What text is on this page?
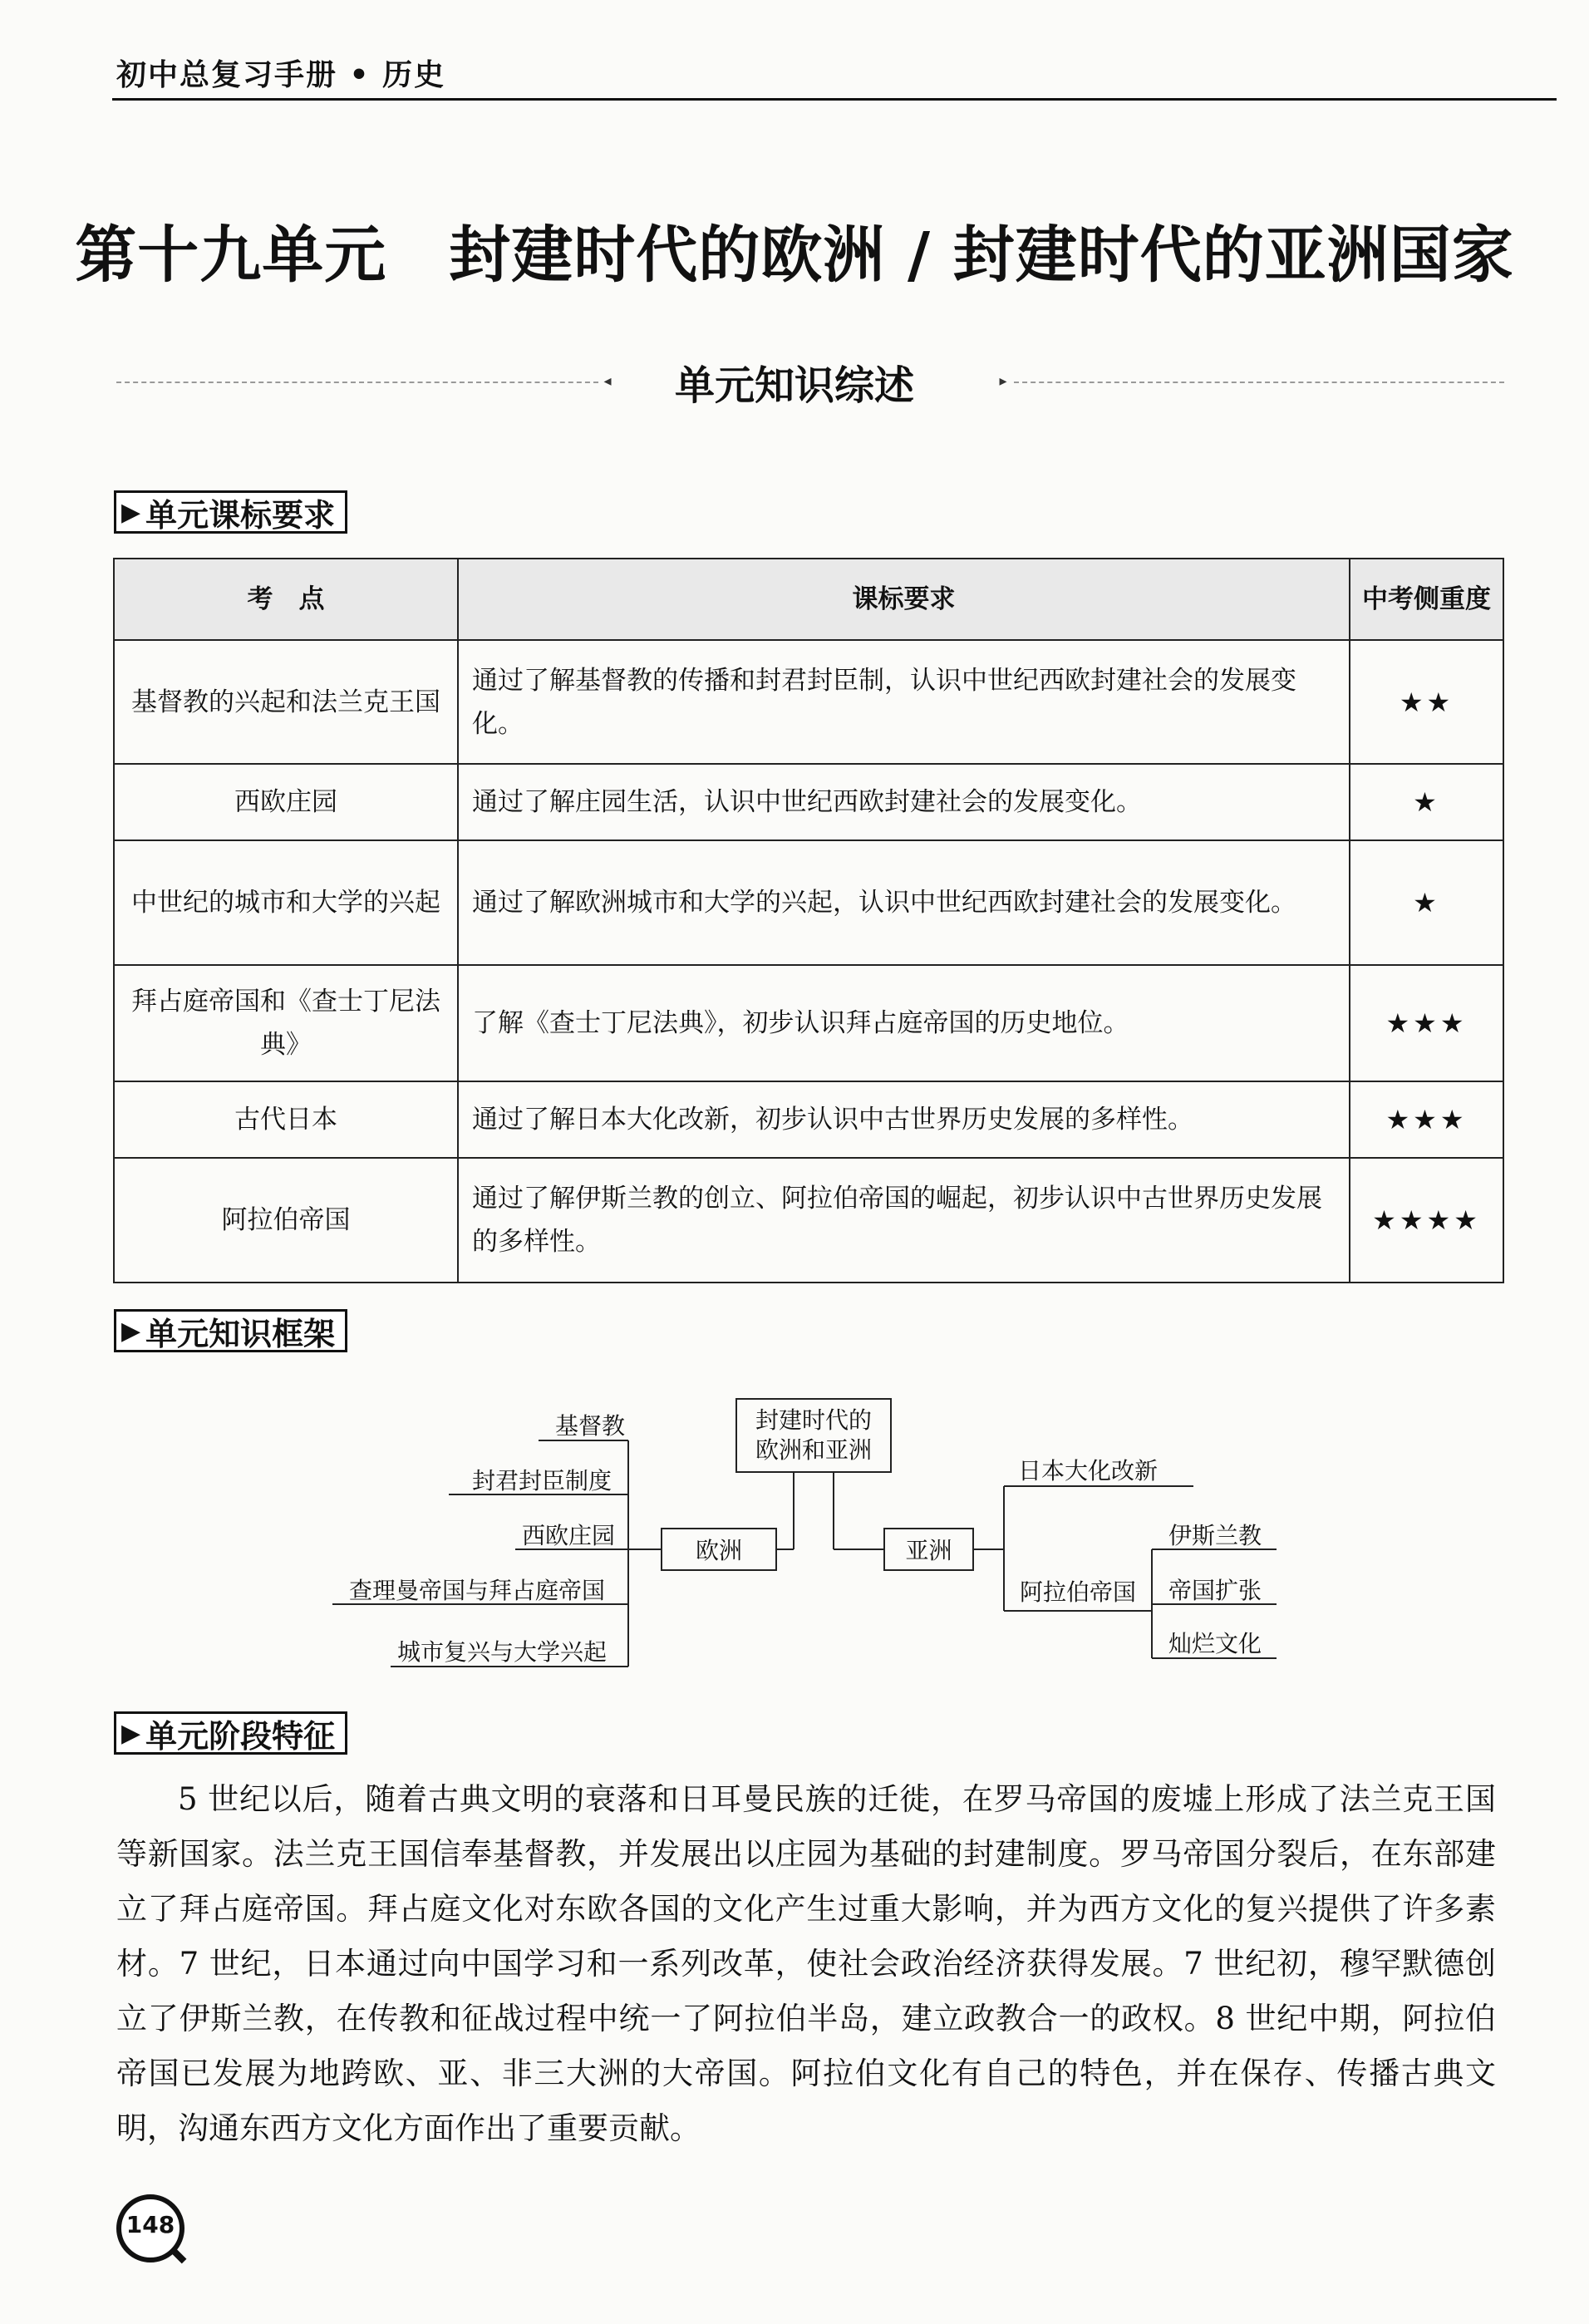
初中总复习手册 • 历史
第十九单元　封建时代的欧洲 / 封建时代的亚洲国家
◂	单元知识综述	▸
▶ 单元课标要求
考　点	课标要求	中考侧重度
基督教的兴起和法兰克王国	通过了解基督教的传播和封君封臣制，认识中世纪西欧封建社会的发展变化。	★★
西欧庄园	通过了解庄园生活，认识中世纪西欧封建社会的发展变化。	★
中世纪的城市和大学的兴起	通过了解欧洲城市和大学的兴起，认识中世纪西欧封建社会的发展变化。	★
拜占庭帝国和《查士丁尼法典》	了解《查士丁尼法典》，初步认识拜占庭帝国的历史地位。	★★★
古代日本	通过了解日本大化改新，初步认识中古世界历史发展的多样性。	★★★
阿拉伯帝国	通过了解伊斯兰教的创立、阿拉伯帝国的崛起，初步认识中古世界历史发展的多样性。	★★★★
▶ 单元知识框架
封建时代的
欧洲和亚洲
欧洲	亚洲
基督教
封君封臣制度
西欧庄园
查理曼帝国与拜占庭帝国
城市复兴与大学兴起
日本大化改新
阿拉伯帝国
伊斯兰教
帝国扩张
灿烂文化
▶ 单元阶段特征

5 世纪以后，随着古典文明的衰落和日耳曼民族的迁徙，在罗马帝国的废墟上形成了法兰克王国等新国家。法兰克王国信奉基督教，并发展出以庄园为基础的封建制度。罗马帝国分裂后，在东部建立了拜占庭帝国。拜占庭文化对东欧各国的文化产生过重大影响，并为西方文化的复兴提供了许多素材。7 世纪，日本通过向中国学习和一系列改革，使社会政治经济获得发展。7 世纪初，穆罕默德创立了伊斯兰教，在传教和征战过程中统一了阿拉伯半岛，建立政教合一的政权。8 世纪中期，阿拉伯帝国已发展为地跨欧、亚、非三大洲的大帝国。阿拉伯文化有自己的特色，并在保存、传播古典文明，沟通东西方文化方面作出了重要贡献。

148
